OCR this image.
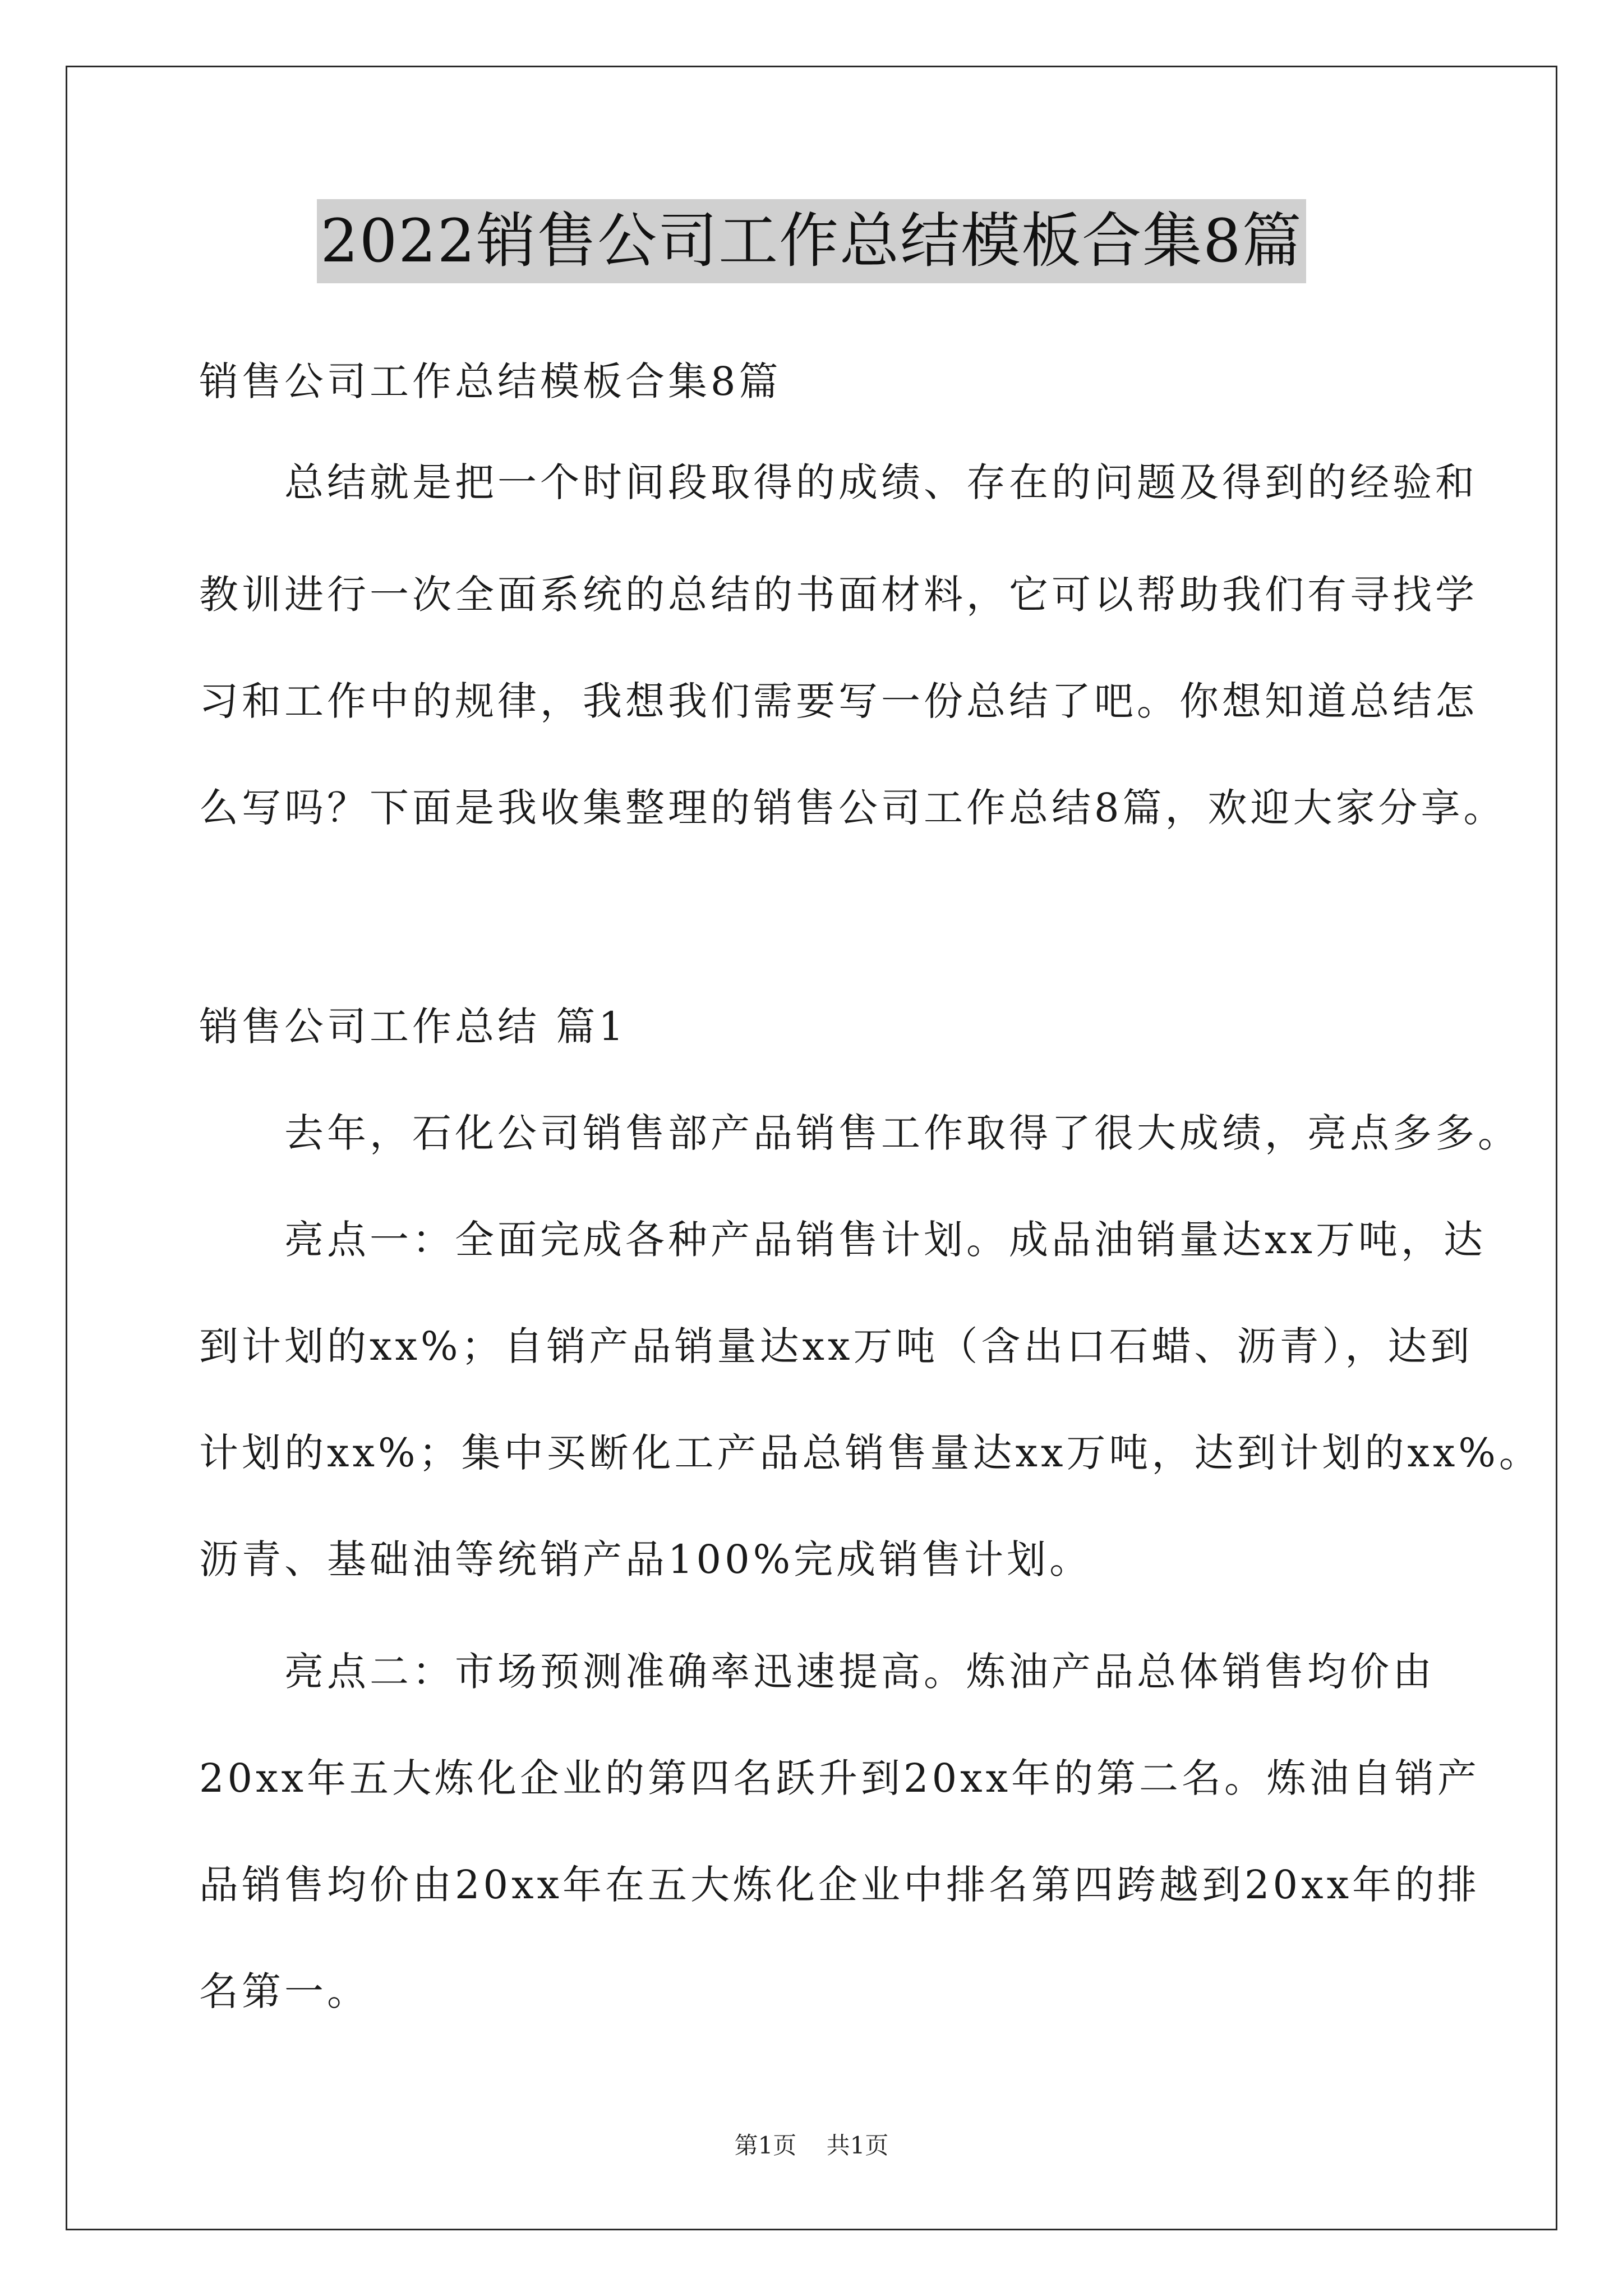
2022销售公司工作总结模板合集8篇
销售公司工作总结模板合集8篇
　　总结就是把一个时间段取得的成绩、存在的问题及得到的经验和
教训进行一次全面系统的总结的书面材料，它可以帮助我们有寻找学
习和工作中的规律，我想我们需要写一份总结了吧。你想知道总结怎
么写吗？下面是我收集整理的销售公司工作总结8篇，欢迎大家分享。
销售公司工作总结 篇1
　　去年，石化公司销售部产品销售工作取得了很大成绩，亮点多多。
　　亮点一：全面完成各种产品销售计划。成品油销量达xx万吨，达
到计划的xx%；自销产品销量达xx万吨（含出口石蜡、沥青），达到
计划的xx%；集中买断化工产品总销售量达xx万吨，达到计划的xx%。
沥青、基础油等统销产品100%完成销售计划。
　　亮点二：市场预测准确率迅速提高。炼油产品总体销售均价由
20xx年五大炼化企业的第四名跃升到20xx年的第二名。炼油自销产
品销售均价由20xx年在五大炼化企业中排名第四跨越到20xx年的排
名第一。
第1页 共1页
